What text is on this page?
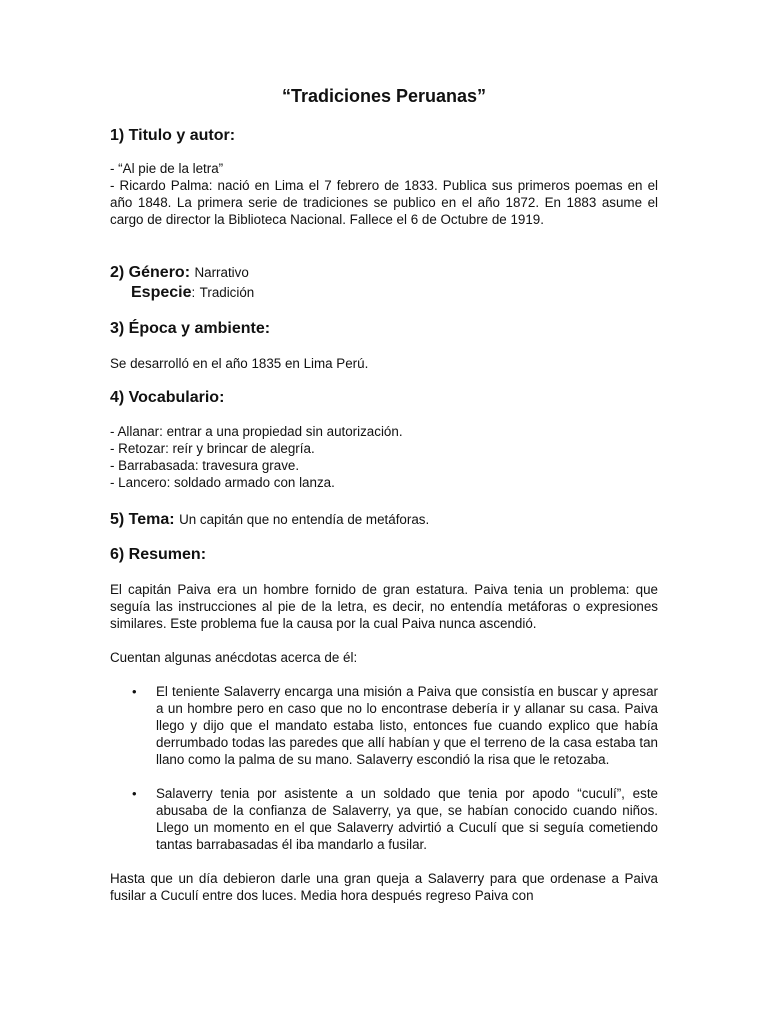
“Tradiciones Peruanas”
1) Titulo y autor:
- “Al pie de la letra”
- Ricardo Palma: nació en Lima el 7 febrero de 1833. Publica sus primeros poemas en el año 1848. La primera serie de tradiciones se publico en el año 1872. En 1883 asume el cargo de director la Biblioteca Nacional. Fallece el 6 de Octubre de 1919.
2) Género: Narrativo
Especie: Tradición
3) Época y ambiente:
Se desarrolló en el año 1835 en Lima Perú.
4) Vocabulario:
- Allanar: entrar a una propiedad sin autorización.
- Retozar: reír y brincar de alegría.
- Barrabasada: travesura grave.
- Lancero: soldado armado con lanza.
5) Tema: Un capitán que no entendía de metáforas.
6) Resumen:
El capitán Paiva era un hombre fornido de gran estatura. Paiva tenia un problema: que seguía las instrucciones al pie de la letra, es decir, no entendía metáforas o expresiones similares. Este problema fue la causa por la cual Paiva nunca ascendió.
Cuentan algunas anécdotas acerca de él:
• El teniente Salaverry encarga una misión a Paiva que consistía en buscar y apresar a un hombre pero en caso que no lo encontrase debería ir y allanar su casa. Paiva llego y dijo que el mandato estaba listo, entonces fue cuando explico que había derrumbado todas las paredes que allí habían y que el terreno de la casa estaba tan llano como la palma de su mano. Salaverry escondió la risa que le retozaba.
• Salaverry tenia por asistente a un soldado que tenia por apodo “cuculí”, este abusaba de la confianza de Salaverry, ya que, se habían conocido cuando niños. Llego un momento en el que Salaverry advirtió a Cuculí que si seguía cometiendo tantas barrabasadas él iba mandarlo a fusilar.
Hasta que un día debieron darle una gran queja a Salaverry para que ordenase a Paiva fusilar a Cuculí entre dos luces. Media hora después regreso Paiva con
